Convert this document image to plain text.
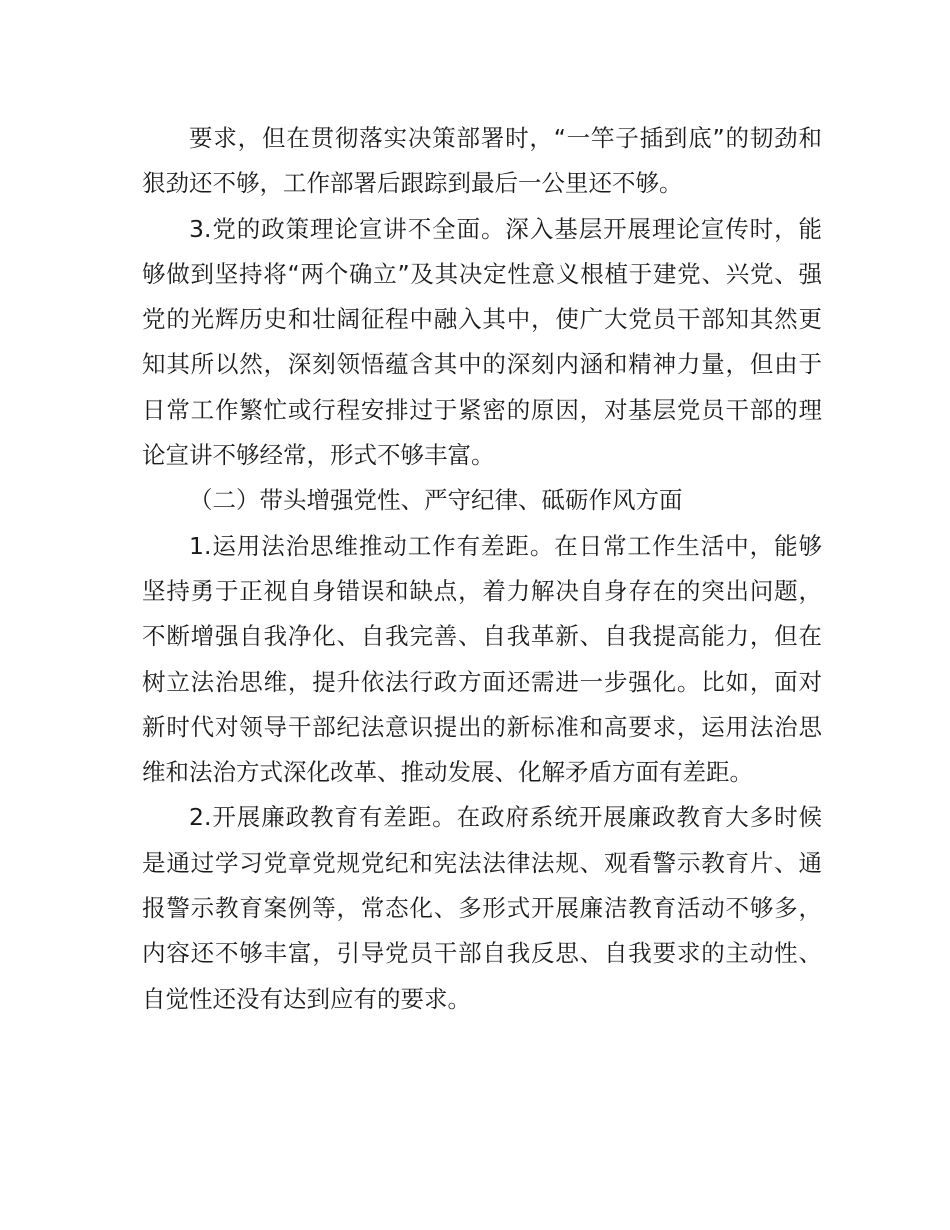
要求，但在贯彻落实决策部署时，“一竿子插到底”的韧劲和狠劲还不够，工作部署后跟踪到最后一公里还不够。

3.党的政策理论宣讲不全面。深入基层开展理论宣传时，能够做到坚持将“两个确立”及其决定性意义根植于建党、兴党、强党的光辉历史和壮阔征程中融入其中，使广大党员干部知其然更知其所以然，深刻领悟蕴含其中的深刻内涵和精神力量，但由于日常工作繁忙或行程安排过于紧密的原因，对基层党员干部的理论宣讲不够经常，形式不够丰富。

（二）带头增强党性、严守纪律、砥砺作风方面

1.运用法治思维推动工作有差距。在日常工作生活中，能够坚持勇于正视自身错误和缺点，着力解决自身存在的突出问题，不断增强自我净化、自我完善、自我革新、自我提高能力，但在树立法治思维，提升依法行政方面还需进一步强化。比如，面对新时代对领导干部纪法意识提出的新标准和高要求，运用法治思维和法治方式深化改革、推动发展、化解矛盾方面有差距。

2.开展廉政教育有差距。在政府系统开展廉政教育大多时候是通过学习党章党规党纪和宪法法律法规、观看警示教育片、通报警示教育案例等，常态化、多形式开展廉洁教育活动不够多，内容还不够丰富，引导党员干部自我反思、自我要求的主动性、自觉性还没有达到应有的要求。
